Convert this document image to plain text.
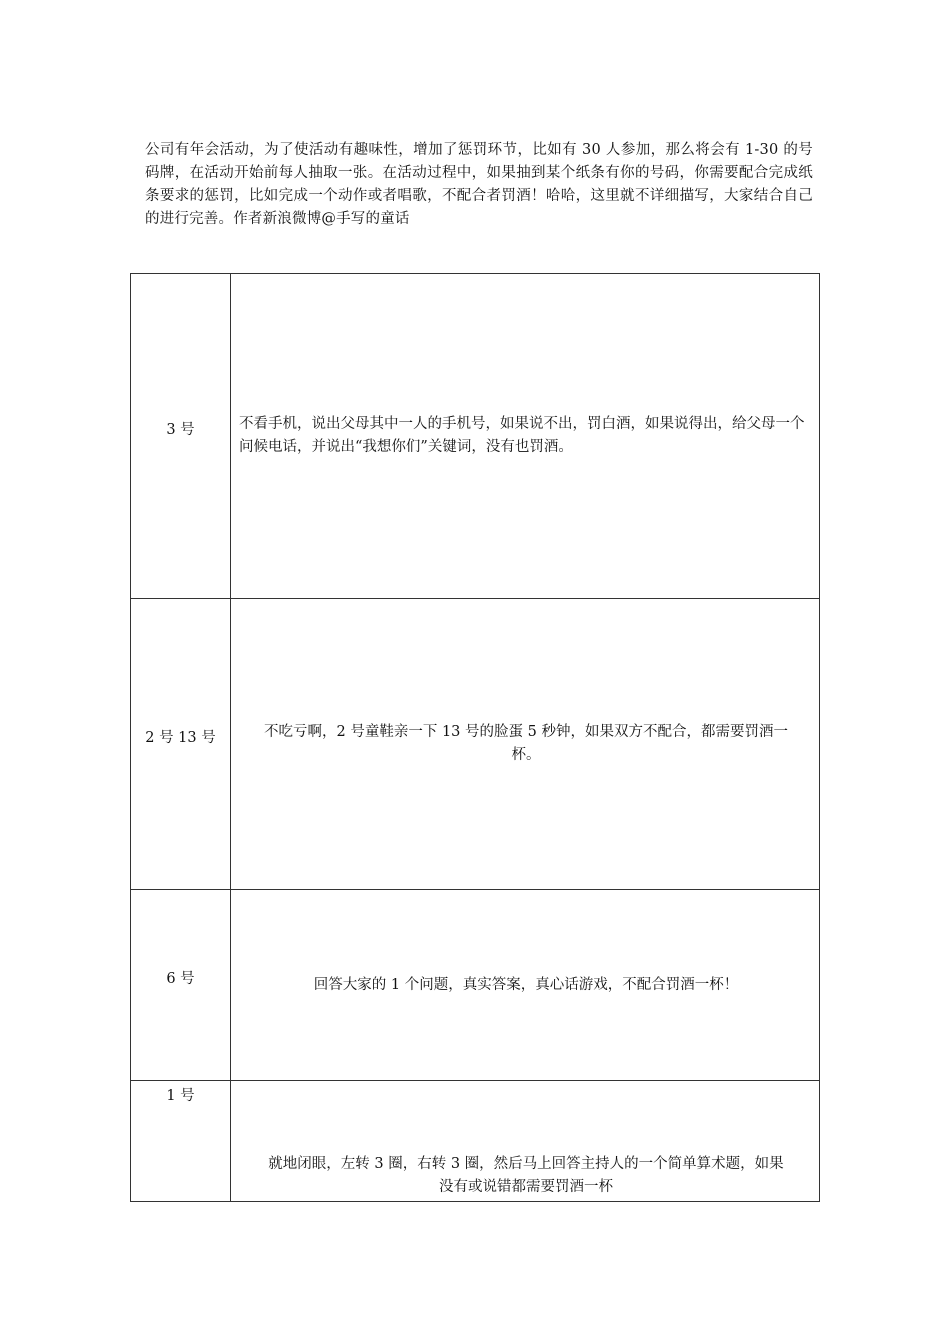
公司有年会活动，为了使活动有趣味性，增加了惩罚环节，比如有 30 人参加，那么将会有 1-30 的号码牌，在活动开始前每人抽取一张。在活动过程中，如果抽到某个纸条有你的号码，你需要配合完成纸条要求的惩罚，比如完成一个动作或者唱歌，不配合者罚酒！哈哈，这里就不详细描写，大家结合自己的进行完善。作者新浪微博@手写的童话

3 号	不看手机，说出父母其中一人的手机号，如果说不出，罚白酒，如果说得出，给父母一个问候电话，并说出“我想你们”关键词，没有也罚酒。
2 号 13 号	不吃亏啊，2 号童鞋亲一下 13 号的脸蛋 5 秒钟，如果双方不配合，都需要罚酒一
杯。

6 号	回答大家的 1 个问题，真实答案，真心话游戏，不配合罚酒一杯！
1 号	就地闭眼，左转 3 圈，右转 3 圈，然后马上回答主持人的一个简单算术题，如果
没有或说错都需要罚酒一杯
